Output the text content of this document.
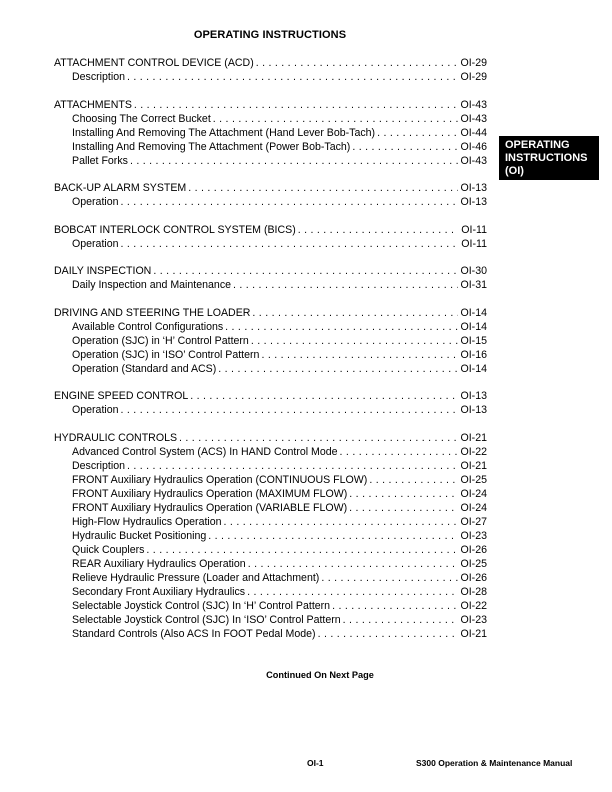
OPERATING INSTRUCTIONS
OPERATING
INSTRUCTIONS
(OI)
ATTACHMENT CONTROL DEVICE (ACD) . . .	OI-29
Description . . .	OI-29
ATTACHMENTS . . .	OI-43
Choosing The Correct Bucket . . .	OI-43
Installing And Removing The Attachment (Hand Lever Bob-Tach) . . .	OI-44
Installing And Removing The Attachment (Power Bob-Tach) . . .	OI-46
Pallet Forks . . .	OI-43
BACK-UP ALARM SYSTEM . . .	OI-13
Operation . . .	OI-13
BOBCAT INTERLOCK CONTROL SYSTEM (BICS) . . .	OI-11
Operation . . .	OI-11
DAILY INSPECTION . . .	OI-30
Daily Inspection and Maintenance . . .	OI-31
DRIVING AND STEERING THE LOADER . . .	OI-14
Available Control Configurations . . .	OI-14
Operation (SJC) in ‘H’ Control Pattern . . .	OI-15
Operation (SJC) in ‘ISO’ Control Pattern . . .	OI-16
Operation (Standard and ACS) . . .	OI-14
ENGINE SPEED CONTROL . . .	OI-13
Operation . . .	OI-13
HYDRAULIC CONTROLS . . .	OI-21
Advanced Control System (ACS) In HAND Control Mode . . .	OI-22
Description . . .	OI-21
FRONT Auxiliary Hydraulics Operation (CONTINUOUS FLOW) . . .	OI-25
FRONT Auxiliary Hydraulics Operation (MAXIMUM FLOW) . . .	OI-24
FRONT Auxiliary Hydraulics Operation (VARIABLE FLOW) . . .	OI-24
High-Flow Hydraulics Operation . . .	OI-27
Hydraulic Bucket Positioning . . .	OI-23
Quick Couplers . . .	OI-26
REAR Auxiliary Hydraulics Operation . . .	OI-25
Relieve Hydraulic Pressure (Loader and Attachment) . . .	OI-26
Secondary Front Auxiliary Hydraulics . . .	OI-28
Selectable Joystick Control (SJC) In ‘H’ Control Pattern . . .	OI-22
Selectable Joystick Control (SJC) In ‘ISO’ Control Pattern . . .	OI-23
Standard Controls (Also ACS In FOOT Pedal Mode) . . .	OI-21
Continued On Next Page
OI-1	S300 Operation & Maintenance Manual
